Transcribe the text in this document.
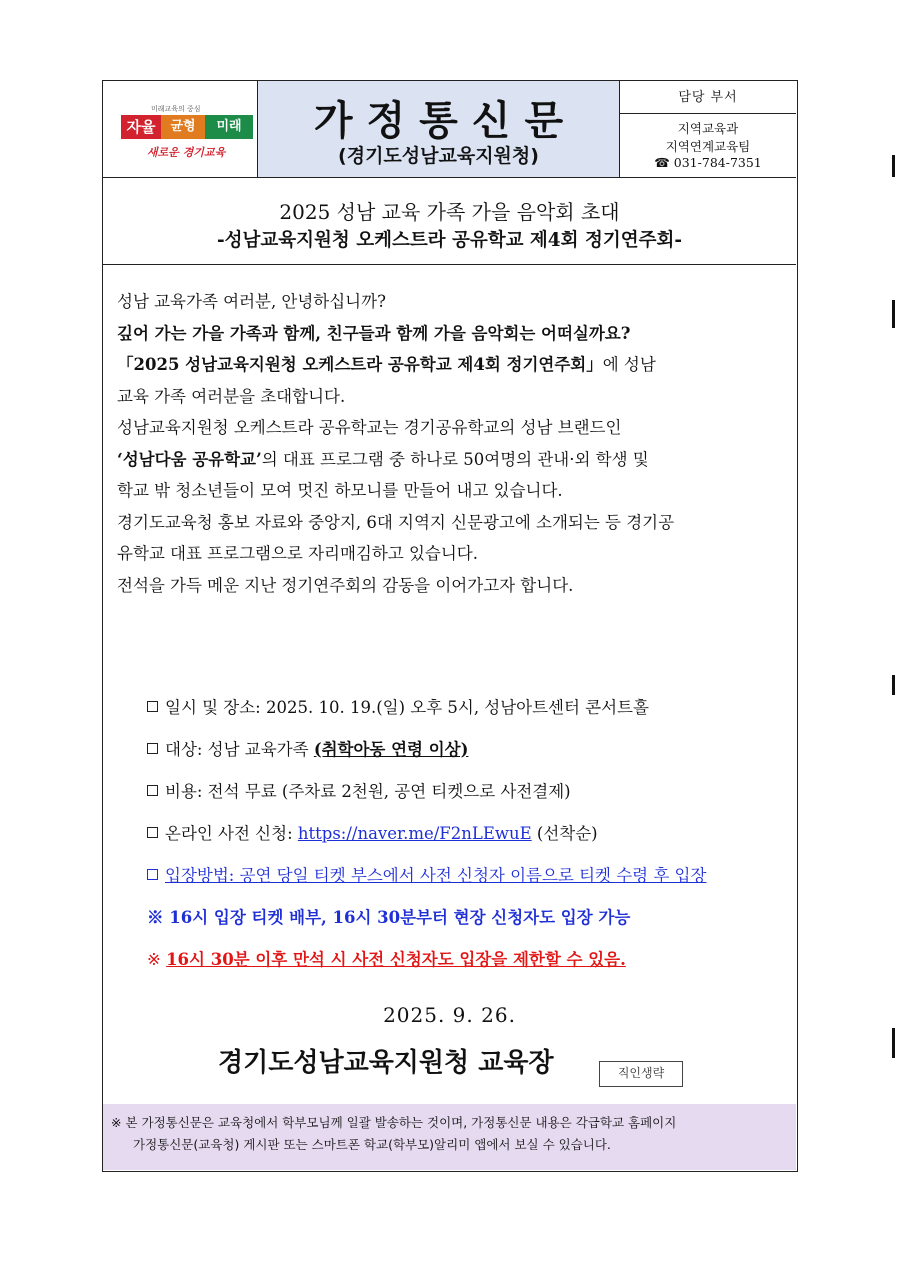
미래교육의 중심
자율	균형	미래
새로운 경기교육
가정통신문
(경기도성남교육지원청)
담당 부서
지역교육과
지역연계교육팀
☎ 031-784-7351
2025 성남 교육 가족 가을 음악회 초대
-성남교육지원청 오케스트라 공유학교 제4회 정기연주회-

성남 교육가족 여러분, 안녕하십니까?

깊어 가는 가을 가족과 함께, 친구들과 함께 가을 음악회는 어떠실까요?

「2025 성남교육지원청 오케스트라 공유학교 제4회 정기연주회」에 성남

교육 가족 여러분을 초대합니다.

성남교육지원청 오케스트라 공유학교는 경기공유학교의 성남 브랜드인

‘성남다움 공유학교’의 대표 프로그램 중 하나로 50여명의 관내·외 학생 및

학교 밖 청소년들이 모여 멋진 하모니를 만들어 내고 있습니다.

경기도교육청 홍보 자료와 중앙지, 6대 지역지 신문광고에 소개되는 등 경기공

유학교 대표 프로그램으로 자리매김하고 있습니다.

전석을 가득 메운 지난 정기연주회의 감동을 이어가고자 합니다.

일시 및 장소: 2025. 10. 19.(일) 오후 5시, 성남아트센터 콘서트홀
대상: 성남 교육가족 (취학아동 연령 이상)
비용: 전석 무료 (주차료 2천원, 공연 티켓으로 사전결제)
온라인 사전 신청: https://naver.me/F2nLEwuE (선착순)
입장방법: 공연 당일 티켓 부스에서 사전 신청자 이름으로 티켓 수령 후 입장
※ 16시 입장 티켓 배부, 16시 30분부터 현장 신청자도 입장 가능
※ 16시 30분 이후 만석 시 사전 신청자도 입장을 제한할 수 있음.
2025. 9. 26.
경기도성남교육지원청 교육장	직인생략

※ 본 가정통신문은 교육청에서 학부모님께 일괄 발송하는 것이며, 가정통신문 내용은 각급학교 홈페이지

가정통신문(교육청) 게시판 또는 스마트폰 학교(학부모)알리미 앱에서 보실 수 있습니다.
